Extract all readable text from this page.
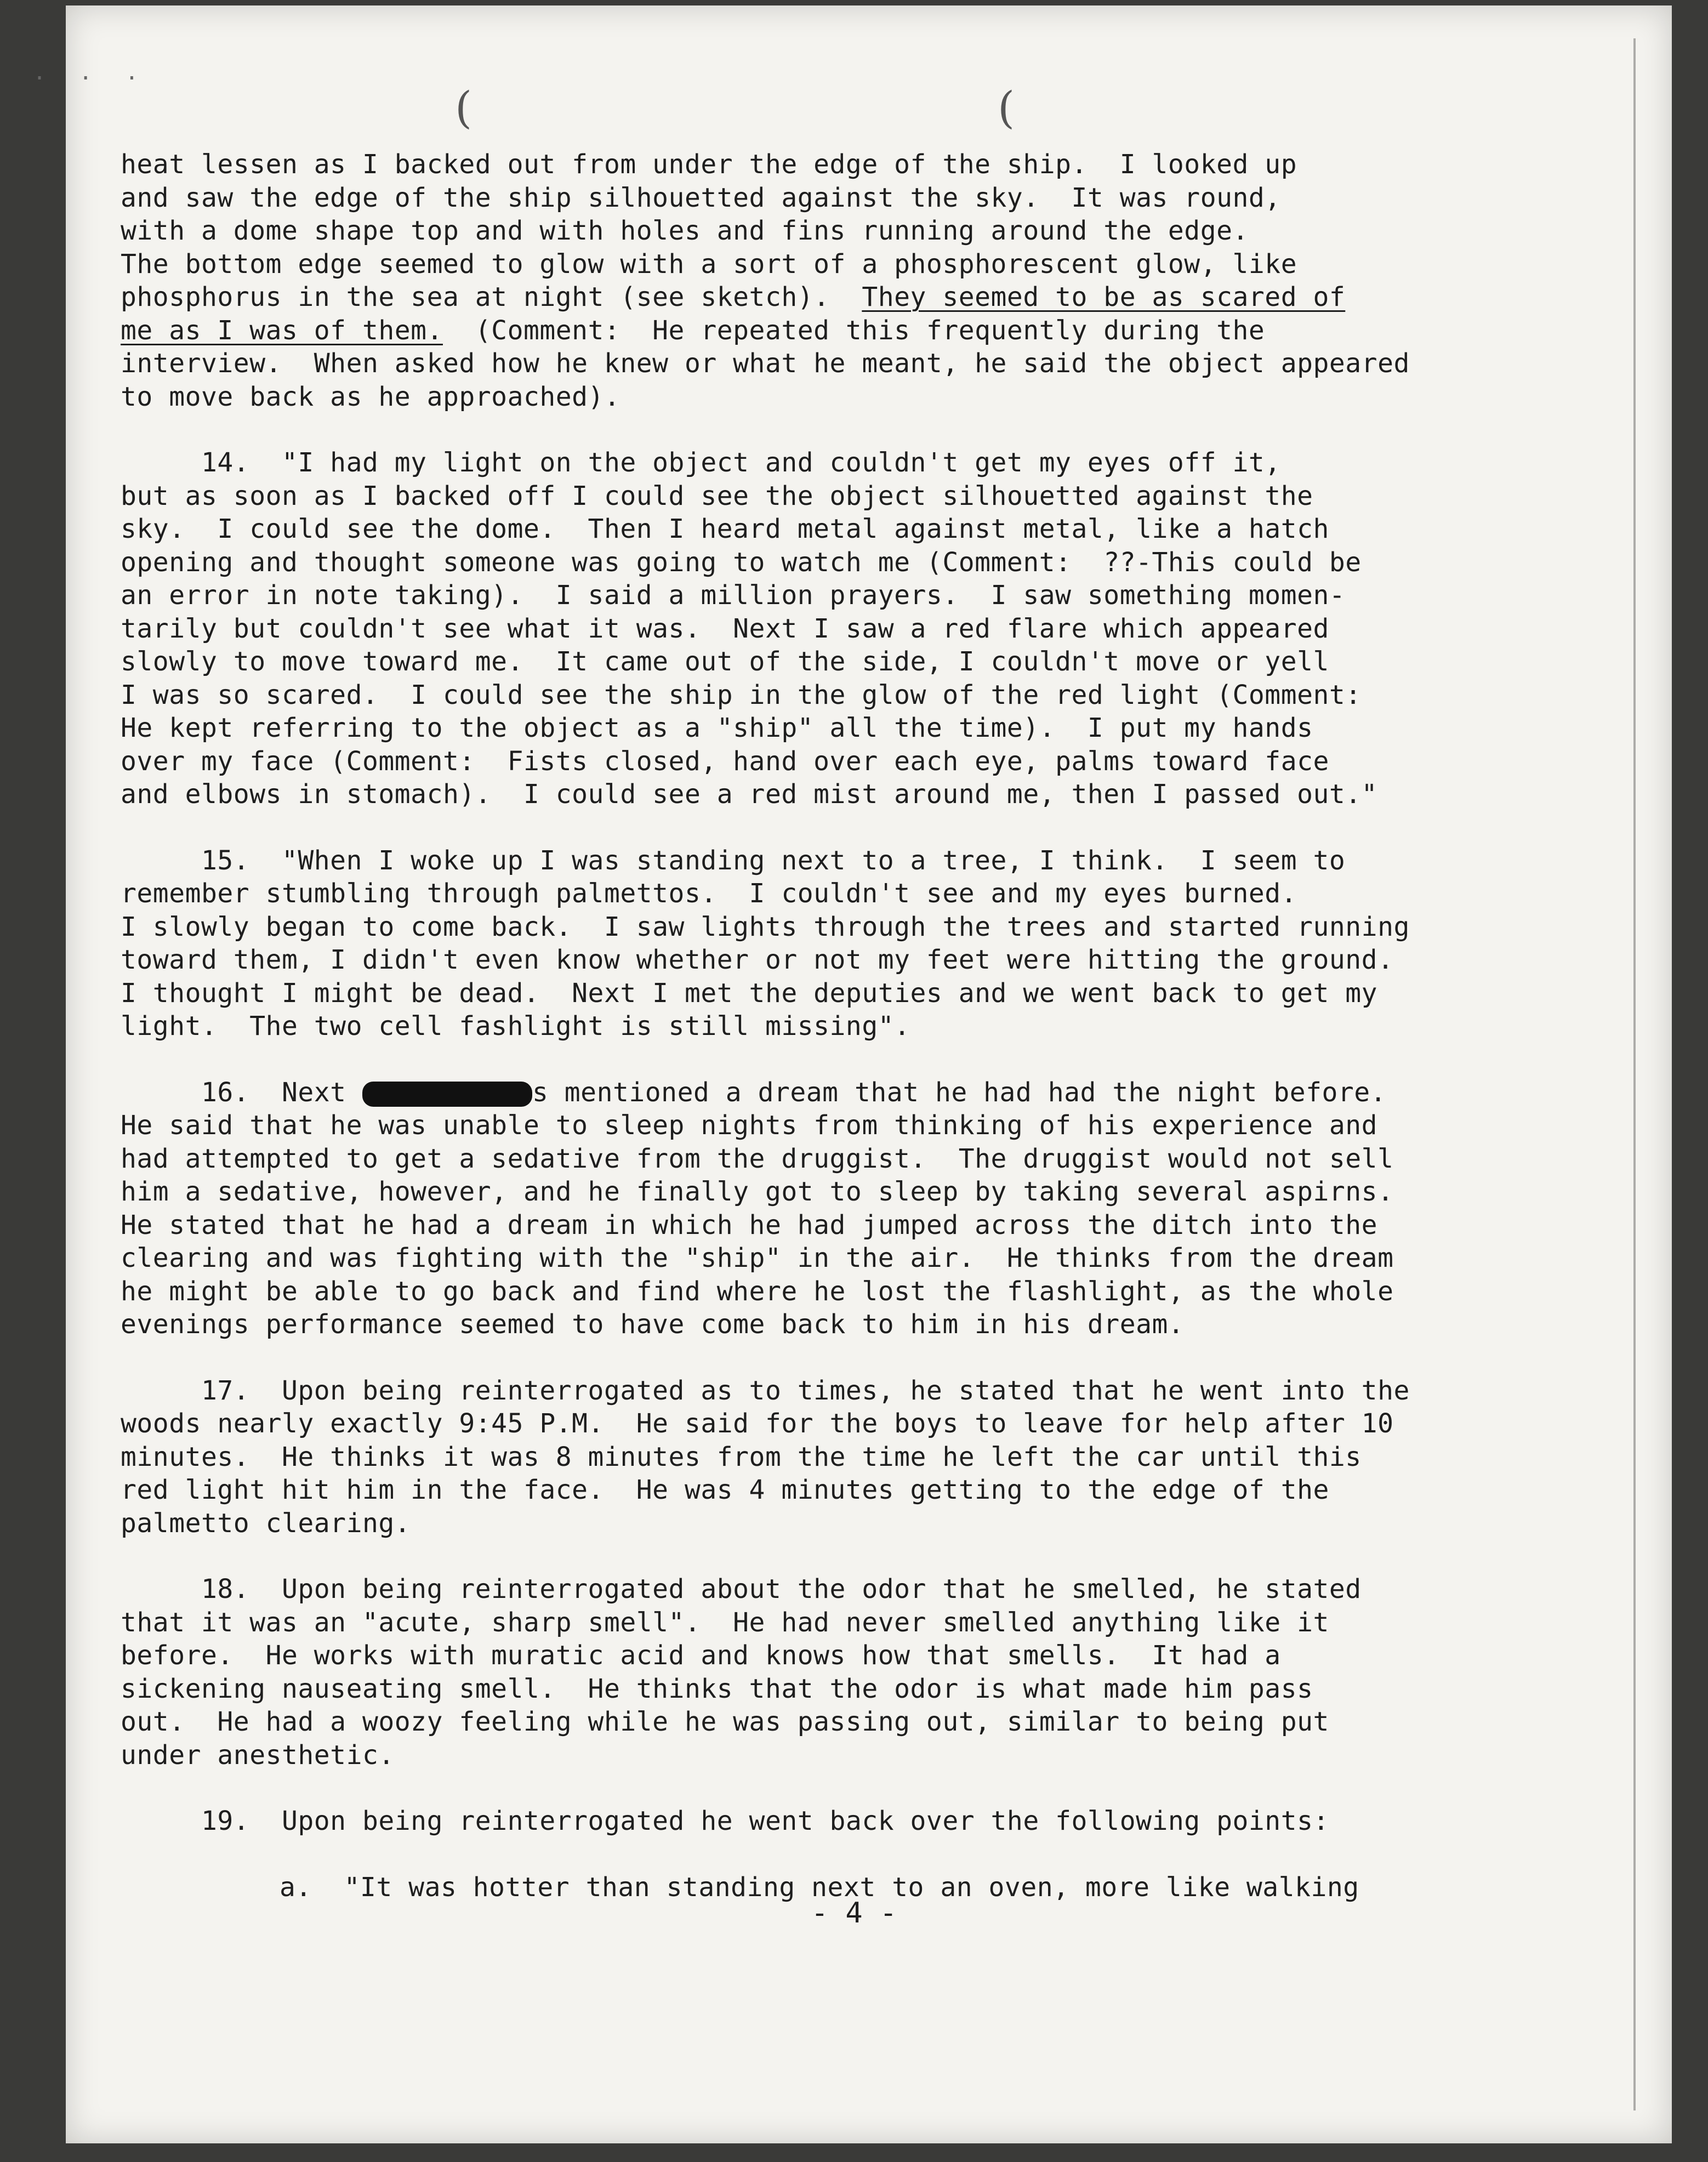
· · ·
(	(
heat lessen as I backed out from under the edge of the ship.  I looked up
and saw the edge of the ship silhouetted against the sky.  It was round,
with a dome shape top and with holes and fins running around the edge.
The bottom edge seemed to glow with a sort of a phosphorescent glow, like
phosphorus in the sea at night (see sketch).  They seemed to be as scared of
me as I was of them.  (Comment:  He repeated this frequently during the
interview.  When asked how he knew or what he meant, he said the object appeared
to move back as he approached).
14.  "I had my light on the object and couldn't get my eyes off it,
but as soon as I backed off I could see the object silhouetted against the
sky.  I could see the dome.  Then I heard metal against metal, like a hatch
opening and thought someone was going to watch me (Comment:  ??-This could be
an error in note taking).  I said a million prayers.  I saw something momen-
tarily but couldn't see what it was.  Next I saw a red flare which appeared
slowly to move toward me.  It came out of the side, I couldn't move or yell
I was so scared.  I could see the ship in the glow of the red light (Comment:
He kept referring to the object as a "ship" all the time).  I put my hands
over my face (Comment:  Fists closed, hand over each eye, palms toward face
and elbows in stomach).  I could see a red mist around me, then I passed out."
15.  "When I woke up I was standing next to a tree, I think.  I seem to
remember stumbling through palmettos.  I couldn't see and my eyes burned.
I slowly began to come back.  I saw lights through the trees and started running
toward them, I didn't even know whether or not my feet were hitting the ground.
I thought I might be dead.  Next I met the deputies and we went back to get my
light.  The two cell fashlight is still missing".
16.  Next	s mentioned a dream that he had had the night before.
He said that he was unable to sleep nights from thinking of his experience and
had attempted to get a sedative from the druggist.  The druggist would not sell
him a sedative, however, and he finally got to sleep by taking several aspirns.
He stated that he had a dream in which he had jumped across the ditch into the
clearing and was fighting with the "ship" in the air.  He thinks from the dream
he might be able to go back and find where he lost the flashlight, as the whole
evenings performance seemed to have come back to him in his dream.
17.  Upon being reinterrogated as to times, he stated that he went into the
woods nearly exactly 9:45 P.M.  He said for the boys to leave for help after 10
minutes.  He thinks it was 8 minutes from the time he left the car until this
red light hit him in the face.  He was 4 minutes getting to the edge of the
palmetto clearing.
18.  Upon being reinterrogated about the odor that he smelled, he stated
that it was an "acute, sharp smell".  He had never smelled anything like it
before.  He works with muratic acid and knows how that smells.  It had a
sickening nauseating smell.  He thinks that the odor is what made him pass
out.  He had a woozy feeling while he was passing out, similar to being put
under anesthetic.
19.  Upon being reinterrogated he went back over the following points:
a.  "It was hotter than standing next to an oven, more like walking
- 4 -
